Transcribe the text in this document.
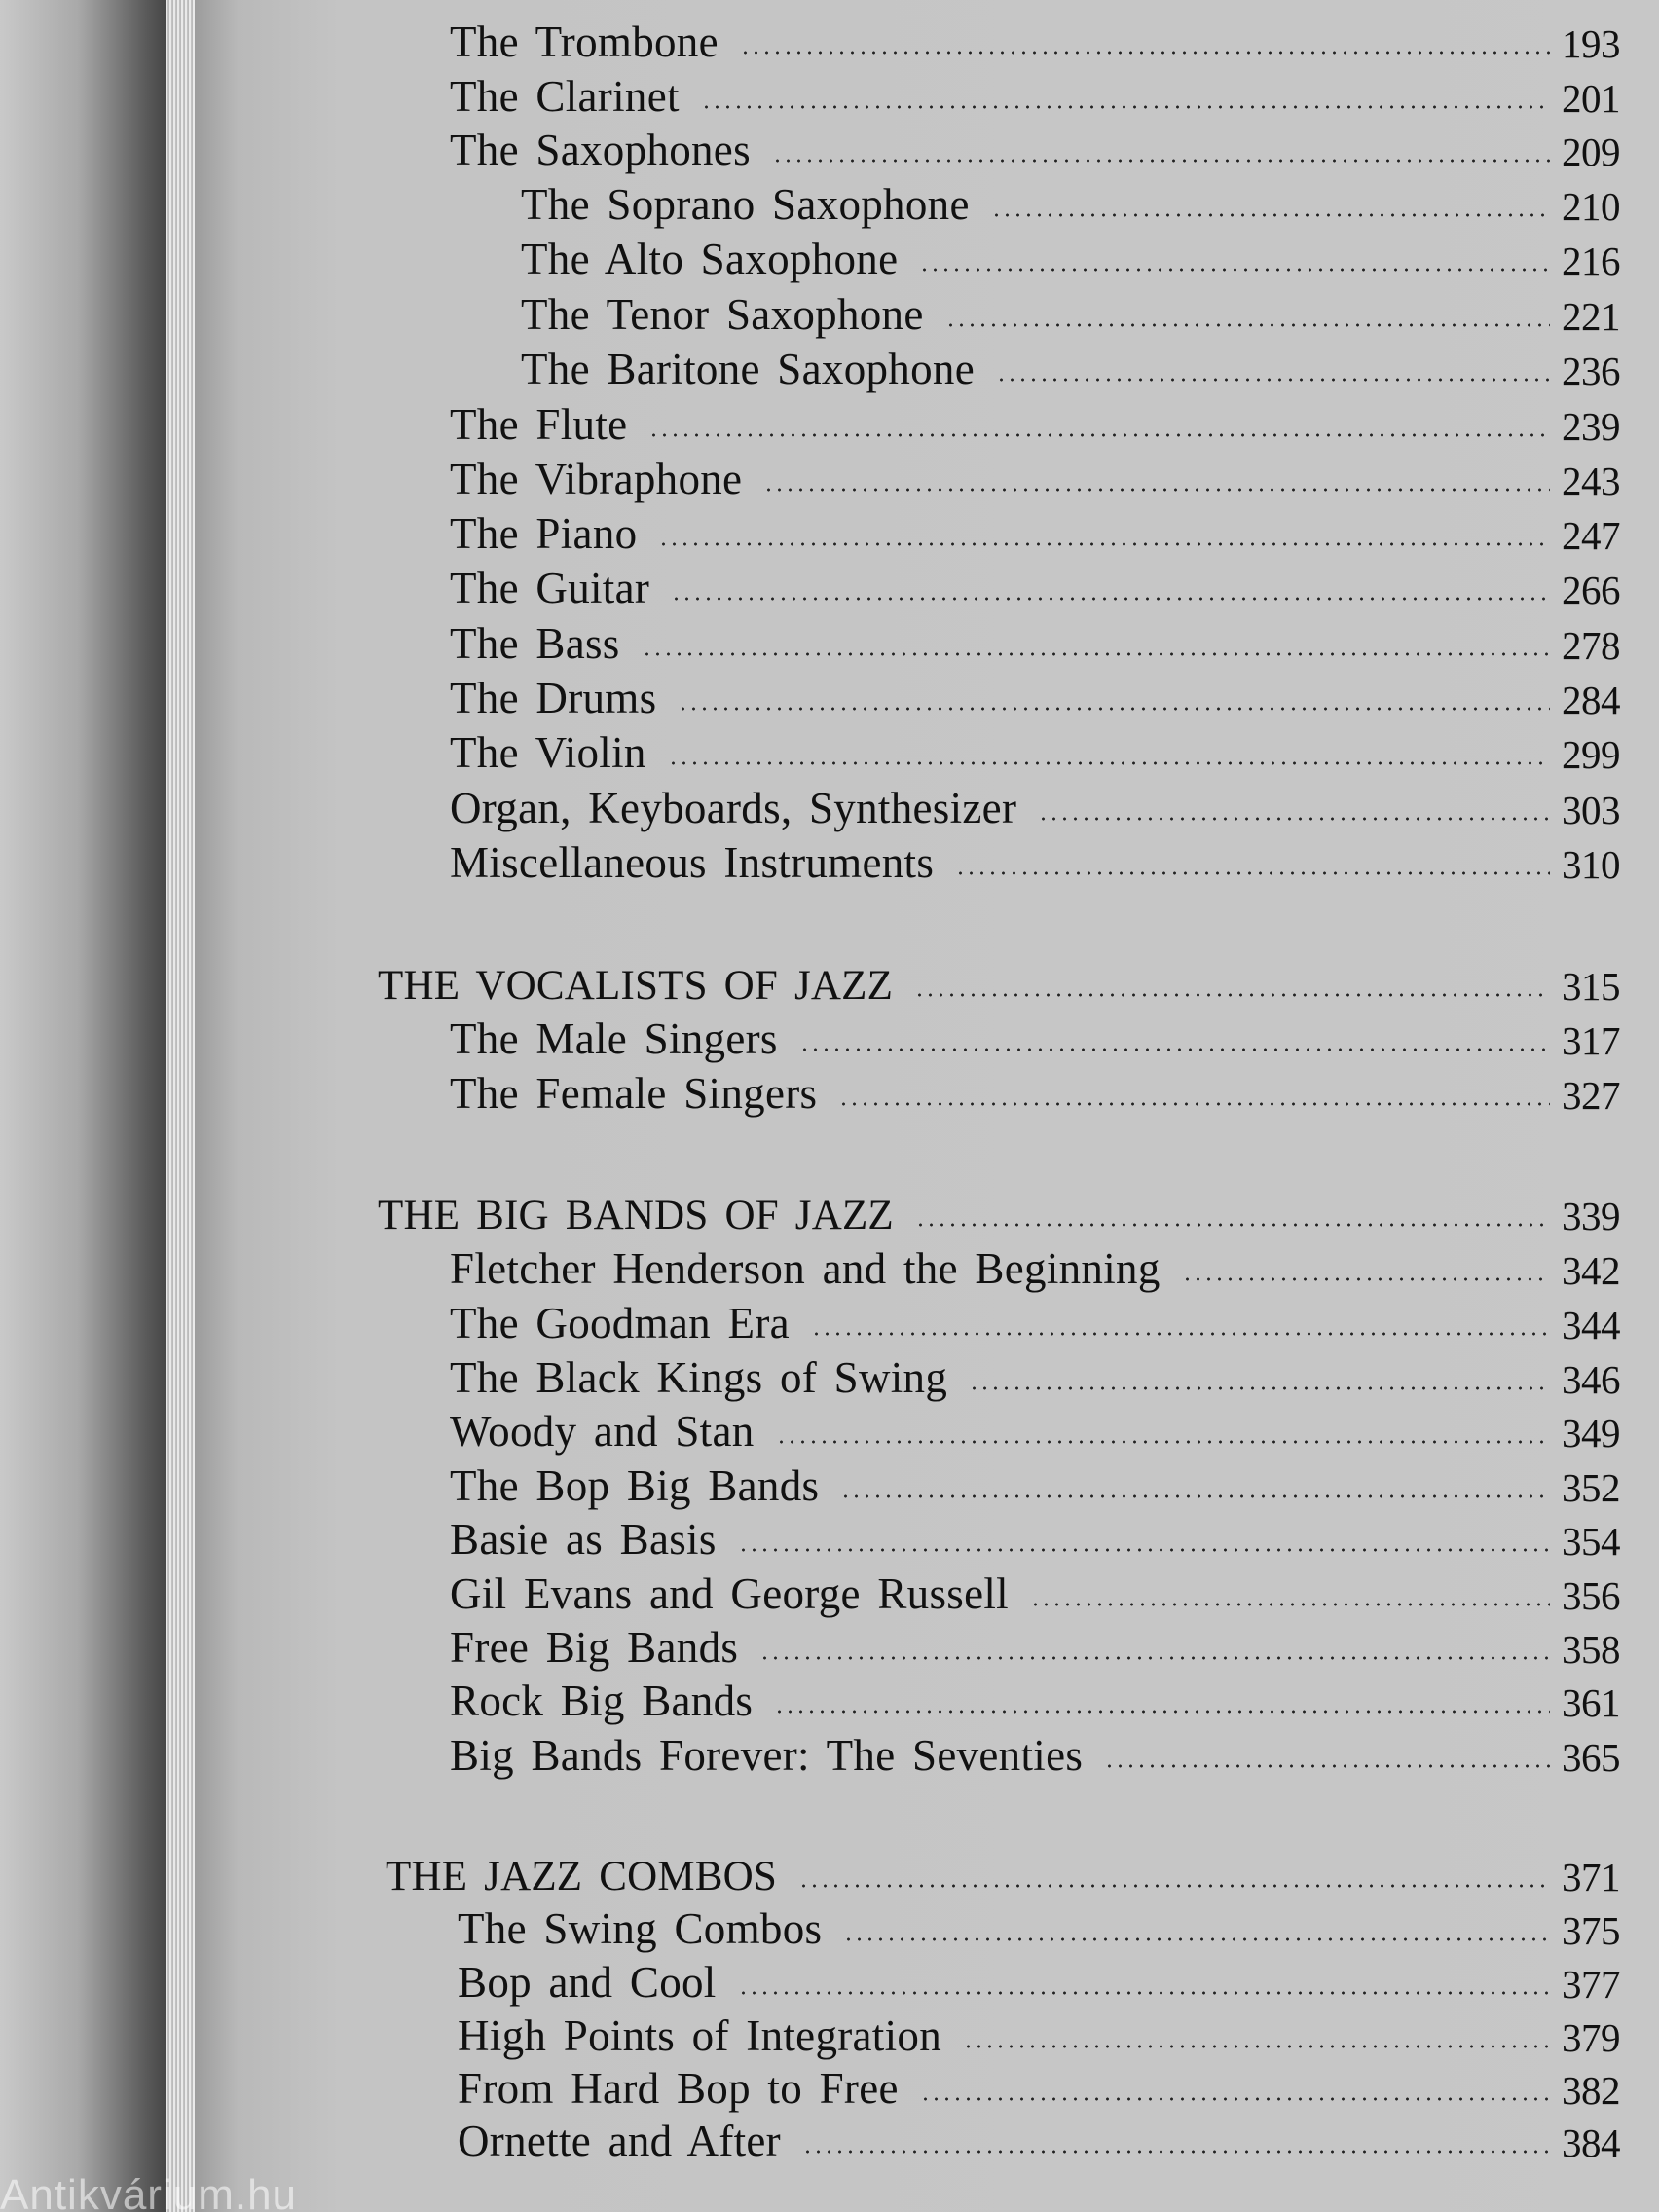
The Trombone	193
The Clarinet	201
The Saxophones	209
The Soprano Saxophone	210
The Alto Saxophone	216
The Tenor Saxophone	221
The Baritone Saxophone	236
The Flute	239
The Vibraphone	243
The Piano	247
The Guitar	266
The Bass	278
The Drums	284
The Violin	299
Organ, Keyboards, Synthesizer	303
Miscellaneous Instruments	310
THE VOCALISTS OF JAZZ	315
The Male Singers	317
The Female Singers	327
THE BIG BANDS OF JAZZ	339
Fletcher Henderson and the Beginning	342
The Goodman Era	344
The Black Kings of Swing	346
Woody and Stan	349
The Bop Big Bands	352
Basie as Basis	354
Gil Evans and George Russell	356
Free Big Bands	358
Rock Big Bands	361
Big Bands Forever: The Seventies	365
THE JAZZ COMBOS	371
The Swing Combos	375
Bop and Cool	377
High Points of Integration	379
From Hard Bop to Free	382
Ornette and After	384
Antikvárium.hu
